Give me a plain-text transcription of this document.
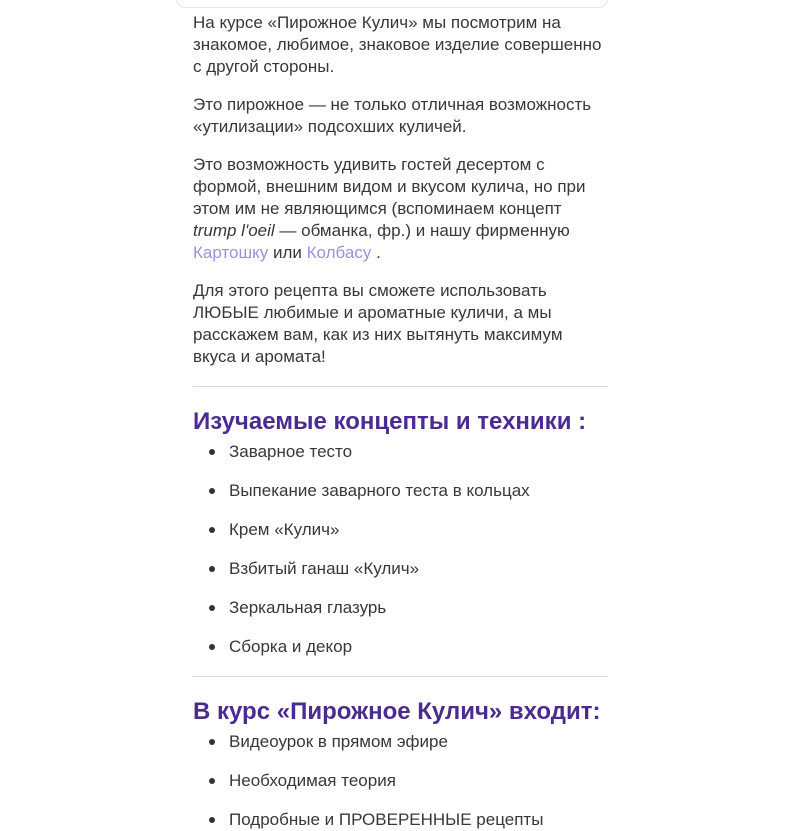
На курсе «Пирожное Кулич» мы посмотрим на знакомое, любимое, знаковое изделие совершенно с другой стороны.

Это пирожное — не только отличная возможность «утилизации» подсохших куличей.

Это возможность удивить гостей десертом с формой, внешним видом и вкусом кулича, но при этом им не являющимся (вспоминаем концепт trump l'oeil — обманка, фр.) и нашу фирменную Картошку или Колбасу .

Для этого рецепта вы сможете использовать ЛЮБЫЕ любимые и ароматные куличи, а мы расскажем вам, как из них вытянуть максимум вкуса и аромата!

Изучаемые концепты и техники :
Заварное тесто
Выпекание заварного теста в кольцах
Крем «Кулич»
Взбитый ганаш «Кулич»
Зеркальная глазурь
Сборка и декор
В курс «Пирожное Кулич» входит:
Видеоурок в прямом эфире
Необходимая теория
Подробные и ПРОВЕРЕННЫЕ рецепты
